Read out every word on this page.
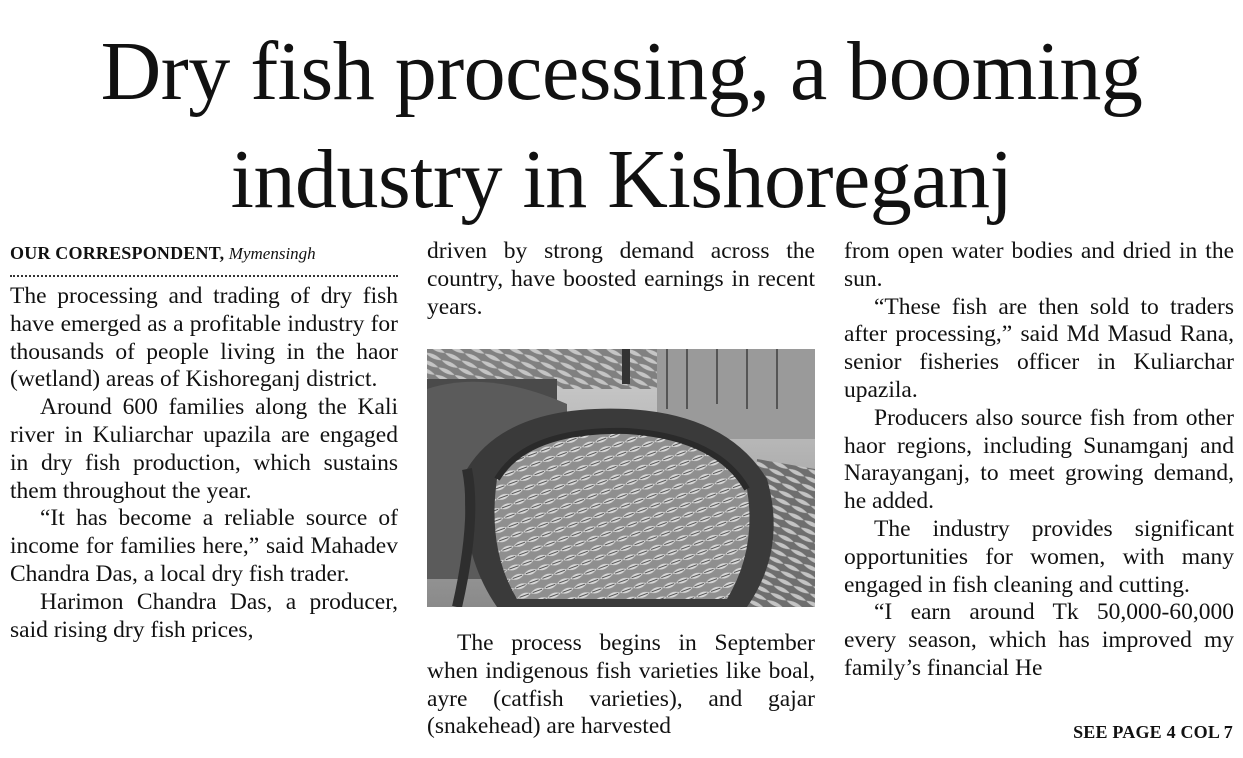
Dry fish processing, a booming
industry in Kishoreganj
OUR CORRESPONDENT, Mymensingh

The processing and trading of dry fish have emerged as a profitable industry for thousands of people living in the haor (wetland) areas of Kishoreganj district.

Around 600 families along the Kali river in Kuliarchar upazila are engaged in dry fish production, which sustains them throughout the year.

“It has become a reliable source of income for families here,” said Mahadev Chandra Das, a local dry fish trader.

Harimon Chandra Das, a producer, said rising dry fish prices,

driven by strong demand across the country, have boosted earnings in recent years.

The process begins in September when indigenous fish varieties like boal, ayre (catfish varieties), and gajar (snakehead) are harvested

from open water bodies and dried in the sun.

“These fish are then sold to traders after processing,” said Md Masud Rana, senior fisheries officer in Kuliarchar upazila.

Producers also source fish from other haor regions, including Sunamganj and Narayanganj, to meet growing demand, he added.

The industry provides significant opportunities for women, with many engaged in fish cleaning and cutting.

“I earn around Tk 50,000-60,000 every season, which has improved my family’s financial He

SEE PAGE 4 COL 7
